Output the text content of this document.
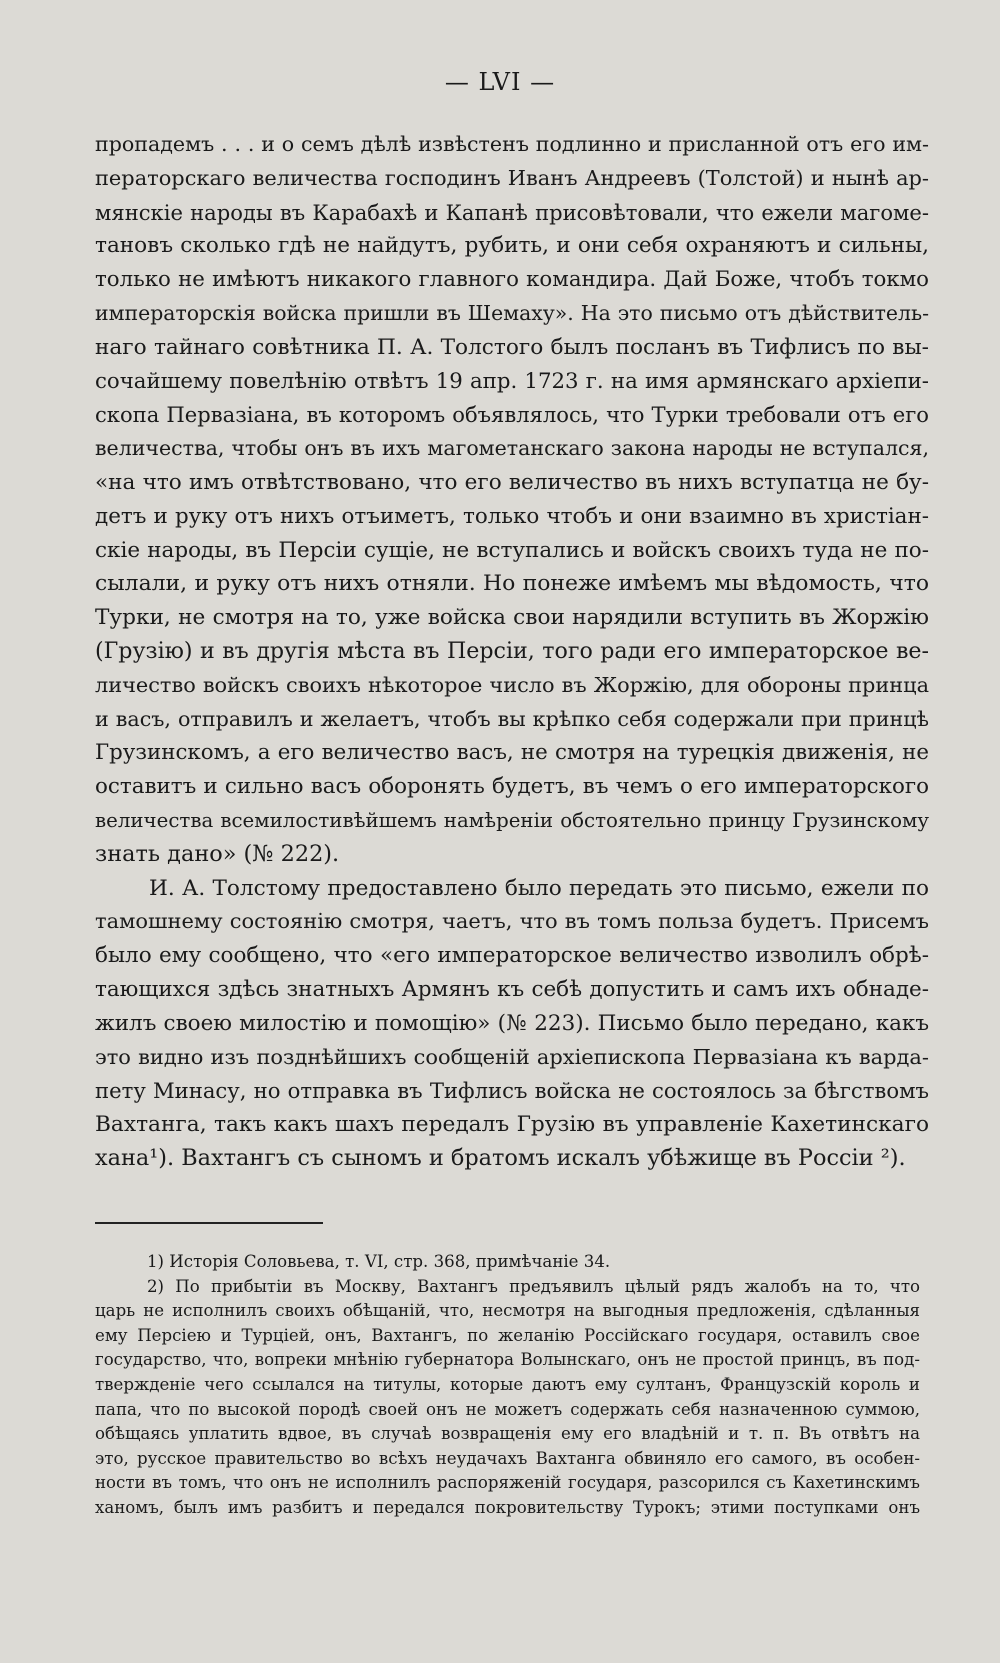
— LVI —
пропадемъ . . . и о семъ дѣлѣ извѣстенъ подлинно и присланной отъ его им-
ператорскаго величества господинъ Иванъ Андреевъ (Толстой) и нынѣ ар-
мянскіе народы въ Карабахѣ и Капанѣ присовѣтовали, что ежели магоме-
тановъ сколько гдѣ не найдутъ, рубить, и они себя охраняютъ и сильны,
только не имѣютъ никакого главного командира. Дай Боже, чтобъ токмо
императорскія войска пришли въ Шемаху». На это письмо отъ дѣйствитель-
наго тайнаго совѣтника П. А. Толстого былъ посланъ въ Тифлисъ по вы-
сочайшему повелѣнію отвѣтъ 19 апр. 1723 г. на имя армянскаго архіепи-
скопа Первазіана, въ которомъ объявлялось, что Турки требовали отъ его
величества, чтобы онъ въ ихъ магометанскаго закона народы не вступался,
«на что имъ отвѣтствовано, что его величество въ нихъ вступатца не бу-
детъ и руку отъ нихъ отъиметъ, только чтобъ и они взаимно въ христіан-
скіе народы, въ Персіи сущіе, не вступались и войскъ своихъ туда не по-
сылали, и руку отъ нихъ отняли. Но понеже имѣемъ мы вѣдомость, что
Турки, не смотря на то, уже войска свои нарядили вступить въ Жоржію
(Грузію) и въ другія мѣста въ Персіи, того ради его императорское ве-
личество войскъ своихъ нѣкоторое число въ Жоржію, для обороны принца
и васъ, отправилъ и желаетъ, чтобъ вы крѣпко себя содержали при принцѣ
Грузинскомъ, а его величество васъ, не смотря на турецкія движенія, не
оставитъ и сильно васъ оборонять будетъ, въ чемъ о его императорского
величества всемилостивѣйшемъ намѣреніи обстоятельно принцу Грузинскому
знать дано» (№ 222).
И. А. Толстому предоставлено было передать это письмо, ежели по
тамошнему состоянію смотря, чаетъ, что въ томъ польза будетъ. Присемъ
было ему сообщено, что «его императорское величество изволилъ обрѣ-
тающихся здѣсь знатныхъ Армянъ къ себѣ допустить и самъ ихъ обнаде-
жилъ своею милостію и помощію» (№ 223). Письмо было передано, какъ
это видно изъ позднѣйшихъ сообщеній архіепископа Первазіана къ варда-
пету Минасу, но отправка въ Тифлисъ войска не состоялось за бѣгствомъ
Вахтанга, такъ какъ шахъ передалъ Грузію въ управленіе Кахетинскаго
хана¹). Вахтангъ съ сыномъ и братомъ искалъ убѣжище въ Россіи ²).
1) Исторія Соловьева, т. VI, стр. 368, примѣчаніе 34.
2) По прибытіи въ Москву, Вахтангъ предъявилъ цѣлый рядъ жалобъ на то, что
царь не исполнилъ своихъ обѣщаній, что, несмотря на выгодныя предложенія, сдѣланныя
ему Персіею и Турціей, онъ, Вахтангъ, по желанію Россійскаго государя, оставилъ свое
государство, что, вопреки мнѣнію губернатора Волынскаго, онъ не простой принцъ, въ под-
твержденіе чего ссылался на титулы, которые даютъ ему султанъ, Французскій король и
папа, что по высокой породѣ своей онъ не можетъ содержать себя назначенною суммою,
обѣщаясь уплатить вдвое, въ случаѣ возвращенія ему его владѣній и т. п. Въ отвѣтъ на
это, русское правительство во всѣхъ неудачахъ Вахтанга обвиняло его самого, въ особен-
ности въ томъ, что онъ не исполнилъ распоряженій государя, разсорился съ Кахетинскимъ
ханомъ, былъ имъ разбитъ и передался покровительству Турокъ; этими поступками онъ
